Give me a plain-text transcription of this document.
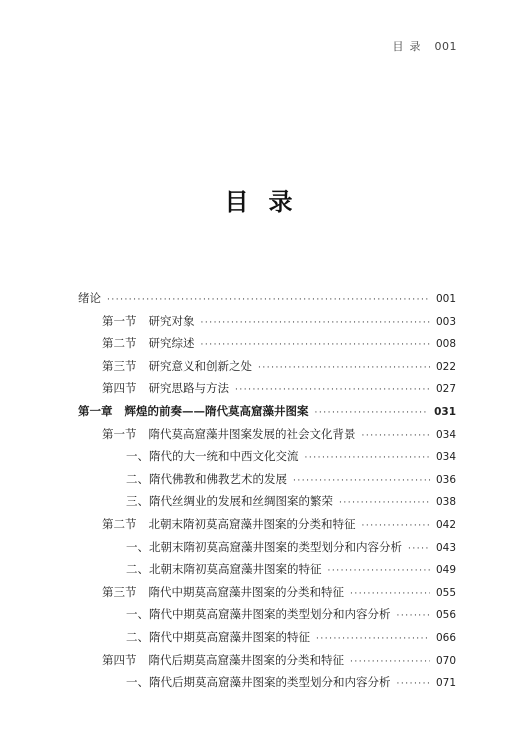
目录 001
目录
绪论 ·····	001
第一节 研究对象 ·····	003
第二节 研究综述 ·····	008
第三节 研究意义和创新之处 ·····	022
第四节 研究思路与方法 ·····	027
第一章 辉煌的前奏——隋代莫高窟藻井图案 ·····	031
第一节 隋代莫高窟藻井图案发展的社会文化背景 ·····	034
一、隋代的大一统和中西文化交流 ·····	034
二、隋代佛教和佛教艺术的发展 ·····	036
三、隋代丝绸业的发展和丝绸图案的繁荣 ·····	038
第二节 北朝末隋初莫高窟藻井图案的分类和特征 ·····	042
一、北朝末隋初莫高窟藻井图案的类型划分和内容分析 ·····	043
二、北朝末隋初莫高窟藻井图案的特征 ·····	049
第三节 隋代中期莫高窟藻井图案的分类和特征 ·····	055
一、隋代中期莫高窟藻井图案的类型划分和内容分析 ·····	056
二、隋代中期莫高窟藻井图案的特征 ·····	066
第四节 隋代后期莫高窟藻井图案的分类和特征 ·····	070
一、隋代后期莫高窟藻井图案的类型划分和内容分析 ·····	071
